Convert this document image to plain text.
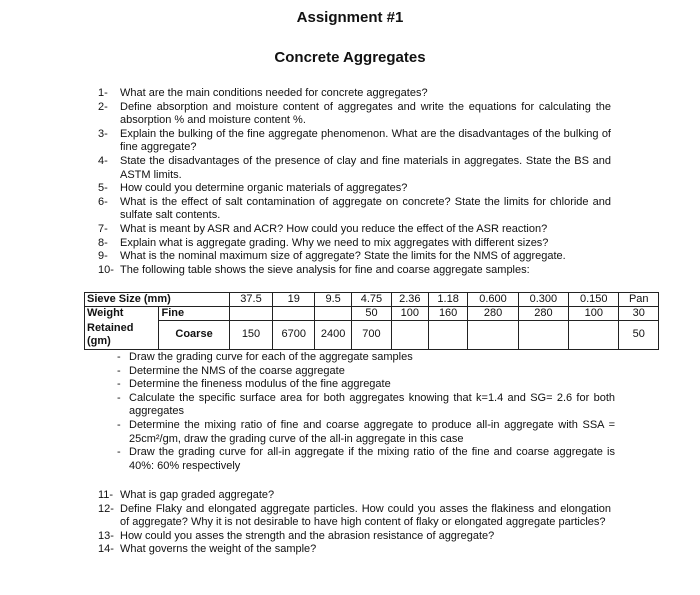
Assignment #1
Concrete Aggregates
1-	What are the main conditions needed for concrete aggregates?
2-	Define absorption and moisture content of aggregates and write the equations for calculating the absorption % and moisture content %.
3-	Explain the bulking of the fine aggregate phenomenon. What are the disadvantages of the bulking of fine aggregate?
4-	State the disadvantages of the presence of clay and fine materials in aggregates. State the BS and ASTM limits.
5-	How could you determine organic materials of aggregates?
6-	What is the effect of salt contamination of aggregate on concrete? State the limits for chloride and sulfate salt contents.
7-	What is meant by ASR and ACR? How could you reduce the effect of the ASR reaction?
8-	Explain what is aggregate grading. Why we need to mix aggregates with different sizes?
9-	What is the nominal maximum size of aggregate? State the limits for the NMS of aggregate.
10- The following table shows the sieve analysis for fine and coarse aggregate samples:
Sieve Size (mm)		37.5	19	9.5	4.75	2.36	1.18	0.600	0.300	0.150	Pan
Weight	Fine				50	100	160	280	280	100	30

Retained
(gm)	Coarse	150	6700	2400	700						50
- Draw the grading curve for each of the aggregate samples
- Determine the NMS of the coarse aggregate
- Determine the fineness modulus of the fine aggregate
- Calculate the specific surface area for both aggregates knowing that k=1.4 and SG= 2.6 for both aggregates
- Determine the mixing ratio of fine and coarse aggregate to produce all-in aggregate with SSA = 25cm²/gm, draw the grading curve of the all-in aggregate in this case
- Draw the grading curve for all-in aggregate if the mixing ratio of the fine and coarse aggregate is 40%: 60% respectively
11- What is gap graded aggregate?
12- Define Flaky and elongated aggregate particles. How could you asses the flakiness and elongation of aggregate? Why it is not desirable to have high content of flaky or elongated aggregate particles?
13- How could you asses the strength and the abrasion resistance of aggregate?
14- What governs the weight of the sample?
